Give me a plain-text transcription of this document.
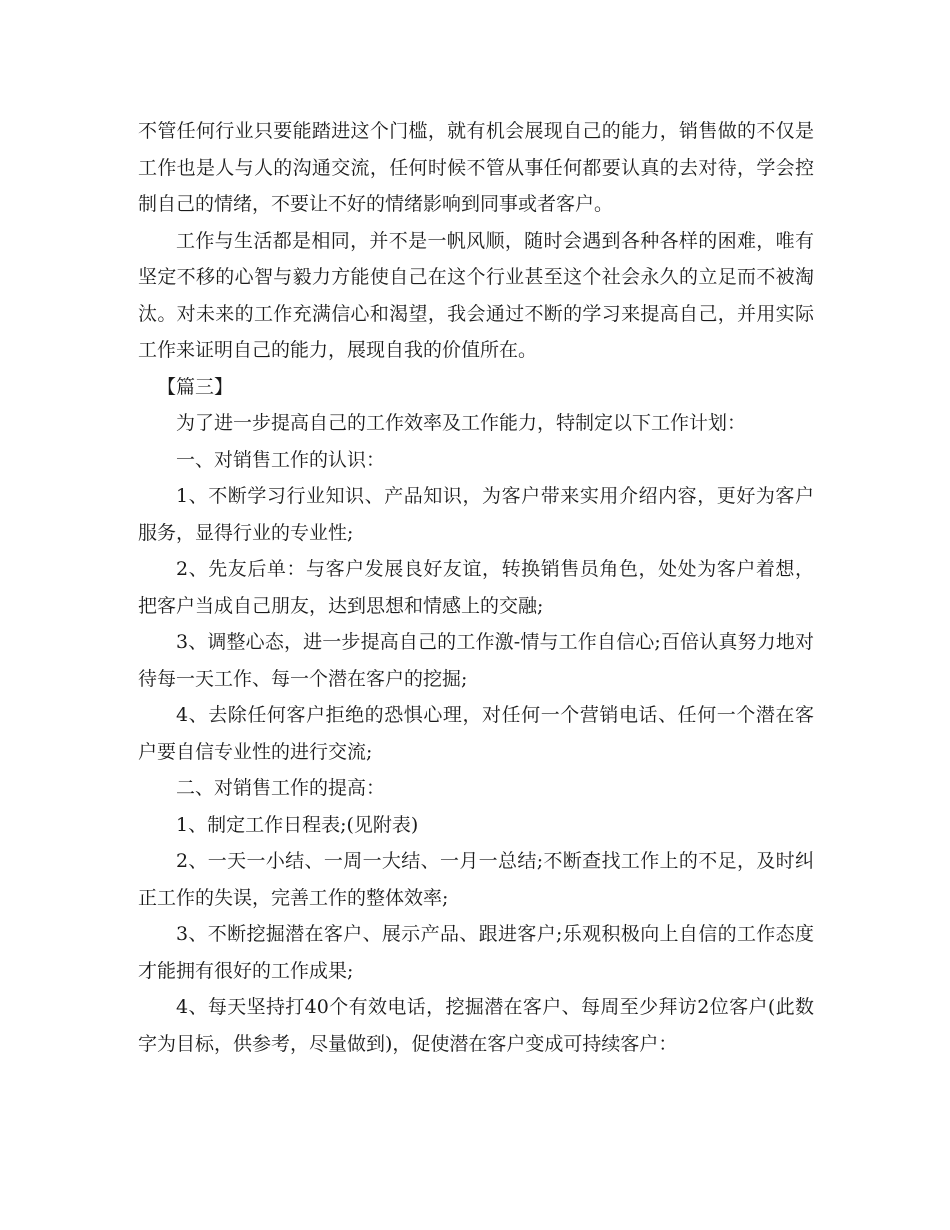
不管任何行业只要能踏进这个门槛，就有机会展现自己的能力，销售做的不仅是工作也是人与人的沟通交流，任何时候不管从事任何都要认真的去对待，学会控制自己的情绪，不要让不好的情绪影响到同事或者客户。

工作与生活都是相同，并不是一帆风顺，随时会遇到各种各样的困难，唯有坚定不移的心智与毅力方能使自己在这个行业甚至这个社会永久的立足而不被淘汰。对未来的工作充满信心和渴望，我会通过不断的学习来提高自己，并用实际工作来证明自己的能力，展现自我的价值所在。

【篇三】

为了进一步提高自己的工作效率及工作能力，特制定以下工作计划：

一、对销售工作的认识：

1、不断学习行业知识、产品知识，为客户带来实用介绍内容，更好为客户服务，显得行业的专业性;

2、先友后单：与客户发展良好友谊，转换销售员角色，处处为客户着想，把客户当成自己朋友，达到思想和情感上的交融;

3、调整心态，进一步提高自己的工作激-情与工作自信心;百倍认真努力地对待每一天工作、每一个潜在客户的挖掘;

4、去除任何客户拒绝的恐惧心理，对任何一个营销电话、任何一个潜在客户要自信专业性的进行交流;

二、对销售工作的提高：

1、制定工作日程表;(见附表)

2、一天一小结、一周一大结、一月一总结;不断查找工作上的不足，及时纠正工作的失误，完善工作的整体效率;

3、不断挖掘潜在客户、展示产品、跟进客户;乐观积极向上自信的工作态度才能拥有很好的工作成果;

4、每天坚持打40个有效电话，挖掘潜在客户、每周至少拜访2位客户(此数字为目标，供参考，尽量做到)，促使潜在客户变成可持续客户：
